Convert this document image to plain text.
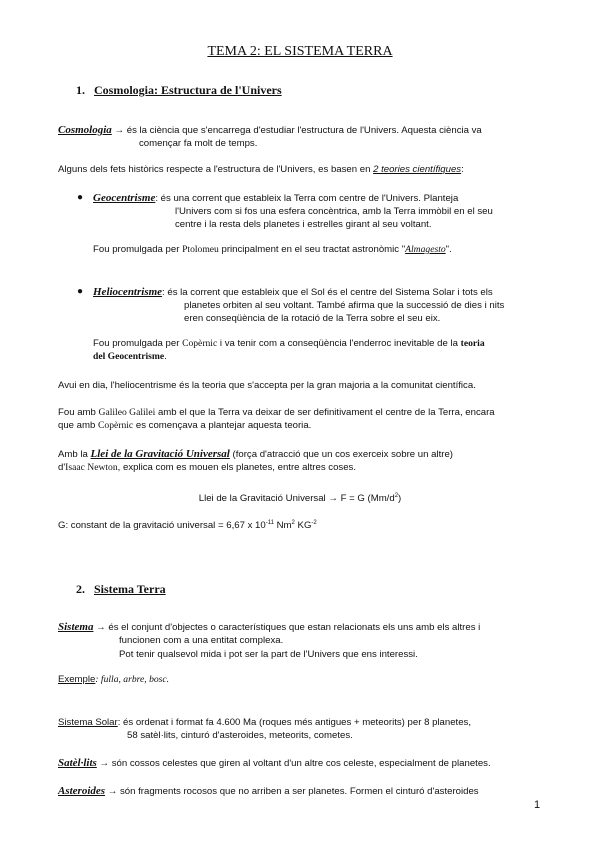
TEMA 2: EL SISTEMA TERRA
1. Cosmologia: Estructura de l'Univers
Cosmologia → és la ciència que s'encarrega d'estudiar l'estructura de l'Univers. Aquesta ciència va
començar fa molt de temps.
Alguns dels fets històrics respecte a l'estructura de l'Univers, es basen en 2 teories científiques:
● Geocentrisme: és una corrent que estableix la Terra com centre de l'Univers. Planteja
l'Univers com si fos una esfera concèntrica, amb la Terra immòbil en el seu
centre i la resta dels planetes i estrelles girant al seu voltant.
Fou promulgada per Ptolomeu principalment en el seu tractat astronòmic "Almagesto".
● Heliocentrisme: és la corrent que estableix que el Sol és el centre del Sistema Solar i tots els
planetes orbiten al seu voltant. També afirma que la successió de dies i nits
eren conseqüència de la rotació de la Terra sobre el seu eix.
Fou promulgada per Copèrnic i va tenir com a conseqüència l'enderroc inevitable de la teoria
del Geocentrisme.
Avui en dia, l'heliocentrisme és la teoria que s'accepta per la gran majoria a la comunitat científica.
Fou amb Galileo Galilei amb el que la Terra va deixar de ser definitivament el centre de la Terra, encara
que amb Copèrnic es començava a plantejar aquesta teoria.
Amb la Llei de la Gravitació Universal (força d'atracció que un cos exerceix sobre un altre)
d'Isaac Newton, explica com es mouen els planetes, entre altres coses.
Llei de la Gravitació Universal → F = G $(Mm/d^2)$
G: constant de la gravitació universal = 6,67 x $10^{-11}$ Nm$^2$ $KG^{-2}$
2. Sistema Terra
Sistema → és el conjunt d'objectes o característiques que estan relacionats els uns amb els altres i
funcionen com a una entitat complexa.
Pot tenir qualsevol mida i pot ser la part de l'Univers que ens interessi.
Exemple: fulla, arbre, bosc.
Sistema Solar: és ordenat i format fa 4.600 Ma (roques més antigues + meteorits) per 8 planetes,
58 satèl·lits, cinturó d'asteroides, meteorits, cometes.
Satèl·lits → són cossos celestes que giren al voltant d'un altre cos celeste, especialment de planetes.
Asteroides → són fragments rocosos que no arriben a ser planetes. Formen el cinturó d'asteroides
1
